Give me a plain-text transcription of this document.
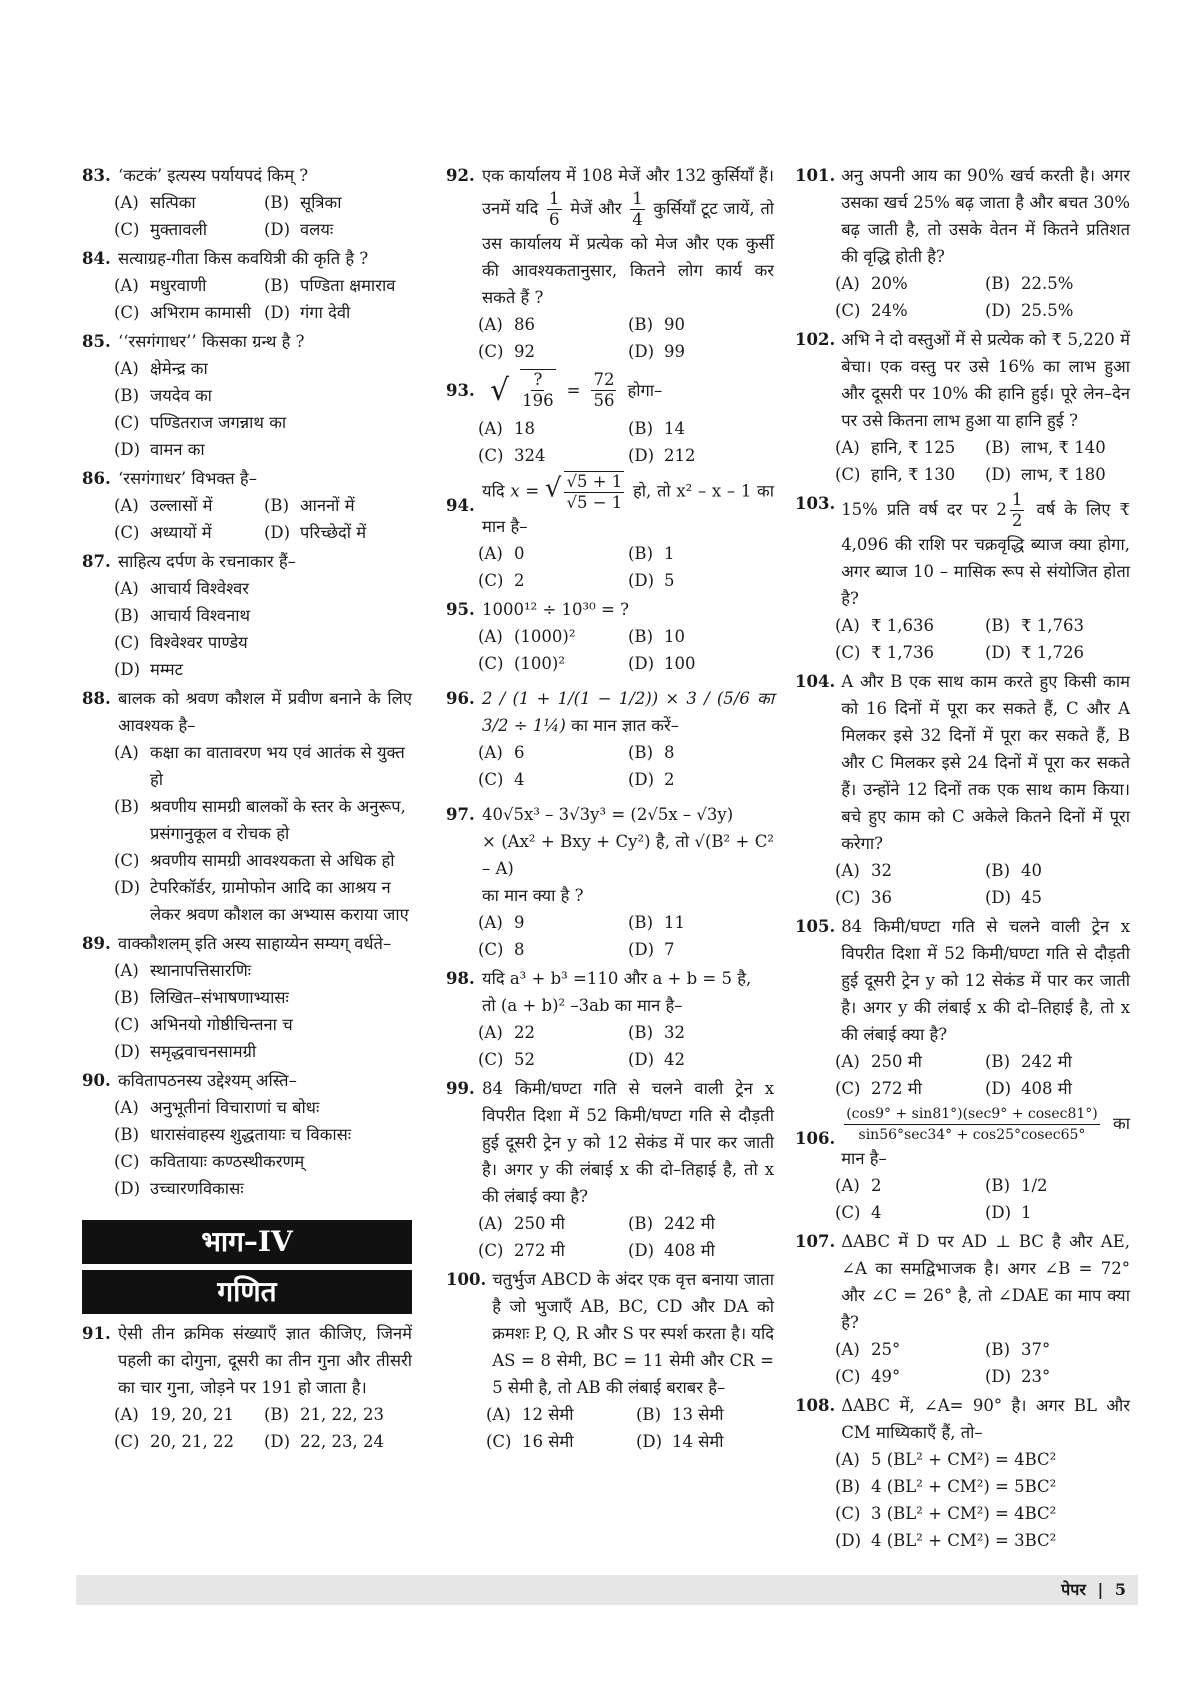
83. ‘कटकं’ इत्यस्य पर्यायपदं किम् ?
(A) सत्पिका	(B) सूत्रिका
(C) मुक्तावली	(D) वलयः
84. सत्याग्रह-गीता किस कवयित्री की कृति है ?
(A) मधुरवाणी	(B) पण्डिता क्षमाराव
(C) अभिराम कामासी (D) गंगा देवी
85. ‘‘रसगंगाधर’’ किसका ग्रन्थ है ?
(A) क्षेमेन्द्र का
(B) जयदेव का
(C) पण्डितराज जगन्नाथ का
(D) वामन का
86. ‘रसगंगाधर’ विभक्त है–
(A) उल्लासों में	(B) आननों में
(C) अध्यायों में	(D) परिच्छेदों में
87. साहित्य दर्पण के रचनाकार हैं–
(A) आचार्य विश्वेश्वर
(B) आचार्य विश्वनाथ
(C) विश्वेश्वर पाण्डेय
(D) मम्मट
88. बालक को श्रवण कौशल में प्रवीण बनाने के लिए आवश्यक है–
(A) कक्षा का वातावरण भय एवं आतंक से युक्त हो
(B) श्रवणीय सामग्री बालकों के स्तर के अनुरूप, प्रसंगानुकूल व रोचक हो
(C) श्रवणीय सामग्री आवश्यकता से अधिक हो
(D) टेपरिकॉर्डर, ग्रामोफोन आदि का आश्रय न लेकर श्रवण कौशल का अभ्यास कराया जाए
89. वाक्कौशलम् इति अस्य साहाय्येन सम्यग् वर्धते–
(A) स्थानापत्तिसारणिः
(B) लिखित–संभाषणाभ्यासः
(C) अभिनयो गोष्ठीचिन्तना च
(D) समृद्धवाचनसामग्री
90. कवितापठनस्य उद्देश्यम् अस्ति–
(A) अनुभूतीनां विचाराणां च बोधः
(B) धारासंवाहस्य शुद्धतायाः च विकासः
(C) कवितायाः कण्ठस्थीकरणम्
(D) उच्चारणविकासः
भाग–IV
गणित
91. ऐसी तीन क्रमिक संख्याएँ ज्ञात कीजिए, जिनमें पहली का दोगुना, दूसरी का तीन गुना और तीसरी का चार गुना, जोड़ने पर 191 हो जाता है।
(A) 19, 20, 21	(B) 21, 22, 23
(C) 20, 21, 22	(D) 22, 23, 24
92. एक कार्यालय में 108 मेजें और 132 कुर्सियाँ हैं। उनमें यदि $\frac{1}{6}$ मेजें और $\frac{1}{4}$ कुर्सियाँ टूट जायें, तो उस कार्यालय में प्रत्येक को मेज और एक कुर्सी की आवश्यकतानुसार, कितने लोग कार्य कर सकते हैं ?
(A) 86	(B) 90
(C) 92	(D) 99
93. √ $\frac{?}{196} = \frac{72}{56}$ होगा–
(A) 18	(B) 14
(C) 324	(D) 212
94.
यदि x = √ $\frac{√5 + 1}{√5 - 1}$ हो, तो x² – x – 1 का मान है–
(A) 0	(B) 1
(C) 2	(D) 5
95. 1000¹² ÷ 10³⁰ = ?
(A) (1000)²	(B) 10
(C) (100)²	(D) 100
96. 2 / (1 + 1/(1 − 1/2)) × 3 / (5/6 का 3/2 ÷ 1¼) का मान ज्ञात करें–
(A) 6	(B) 8
(C) 4	(D) 2
97. 40√5x³ – 3√3y³ = (2√5x – √3y)
× (Ax² + Bxy + Cy²) है, तो √(B² + C² – A)
का मान क्या है ?
(A) 9	(B) 11
(C) 8	(D) 7
98. यदि a³ + b³ =110 और a + b = 5 है,
तो (a + b)² –3ab का मान है–
(A) 22	(B) 32
(C) 52	(D) 42
99. 84 किमी/घण्टा गति से चलने वाली ट्रेन x विपरीत दिशा में 52 किमी/घण्टा गति से दौड़ती हुई दूसरी ट्रेन y को 12 सेकंड में पार कर जाती है। अगर y की लंबाई x की दो–तिहाई है, तो x की लंबाई क्या है?
(A) 250 मी	(B) 242 मी
(C) 272 मी	(D) 408 मी
100. चतुर्भुज ABCD के अंदर एक वृत्त बनाया जाता है जो भुजाएँ AB, BC, CD और DA को क्रमशः P, Q, R और S पर स्पर्श करता है। यदि AS = 8 सेमी, BC = 11 सेमी और CR = 5 सेमी है, तो AB की लंबाई बराबर है–
(A) 12 सेमी	(B) 13 सेमी
(C) 16 सेमी	(D) 14 सेमी
101. अनु अपनी आय का 90% खर्च करती है। अगर उसका खर्च 25% बढ़ जाता है और बचत 30% बढ़ जाती है, तो उसके वेतन में कितने प्रतिशत की वृद्धि होती है?
(A) 20%	(B) 22.5%
(C) 24%	(D) 25.5%
102. अभि ने दो वस्तुओं में से प्रत्येक को ₹ 5,220 में बेचा। एक वस्तु पर उसे 16% का लाभ हुआ और दूसरी पर 10% की हानि हुई। पूरे लेन–देन पर उसे कितना लाभ हुआ या हानि हुई ?
(A) हानि, ₹ 125	(B) लाभ, ₹ 140
(C) हानि, ₹ 130	(D) लाभ, ₹ 180
103. 15% प्रति वर्ष दर पर $2 \frac{1}{2}$ वर्ष के लिए ₹ 4,096 की राशि पर चक्रवृद्धि ब्याज क्या होगा, अगर ब्याज 10 – मासिक रूप से संयोजित होता है?
(A) ₹ 1,636	(B) ₹ 1,763
(C) ₹ 1,736	(D) ₹ 1,726
104. A और B एक साथ काम करते हुए किसी काम को 16 दिनों में पूरा कर सकते हैं, C और A मिलकर इसे 32 दिनों में पूरा कर सकते हैं, B और C मिलकर इसे 24 दिनों में पूरा कर सकते हैं। उन्होंने 12 दिनों तक एक साथ काम किया। बचे हुए काम को C अकेले कितने दिनों में पूरा करेगा?
(A) 32	(B) 40
(C) 36	(D) 45
105. 84 किमी/घण्टा गति से चलने वाली ट्रेन x विपरीत दिशा में 52 किमी/घण्टा गति से दौड़ती हुई दूसरी ट्रेन y को 12 सेकंड में पार कर जाती है। अगर y की लंबाई x की दो–तिहाई है, तो x की लंबाई क्या है?
(A) 250 मी	(B) 242 मी
(C) 272 मी	(D) 408 मी
106. $\frac{(\cos 9^\circ + \sin 81^\circ)(\sec 9^\circ + cosec81^\circ)}{\sin 56^\circ\sec 34^\circ + \cos 25^\circ cosec65^\circ}$ का मान है–
(A) 2	(B) 1/2
(C) 4	(D) 1
107. ΔABC में D पर AD ⊥ BC है और AE, ∠A का समद्विभाजक है। अगर ∠B = 72° और ∠C = 26° है, तो ∠DAE का माप क्या है?
(A) 25°	(B) 37°
(C) 49°	(D) 23°
108. ΔABC में, ∠A= 90° है। अगर BL और CM माध्यिकाएँ हैं, तो–
(A) 5 (BL² + CM²) = 4BC²
(B) 4 (BL² + CM²) = 5BC²
(C) 3 (BL² + CM²) = 4BC²
(D) 4 (BL² + CM²) = 3BC²
पेपर | 5
